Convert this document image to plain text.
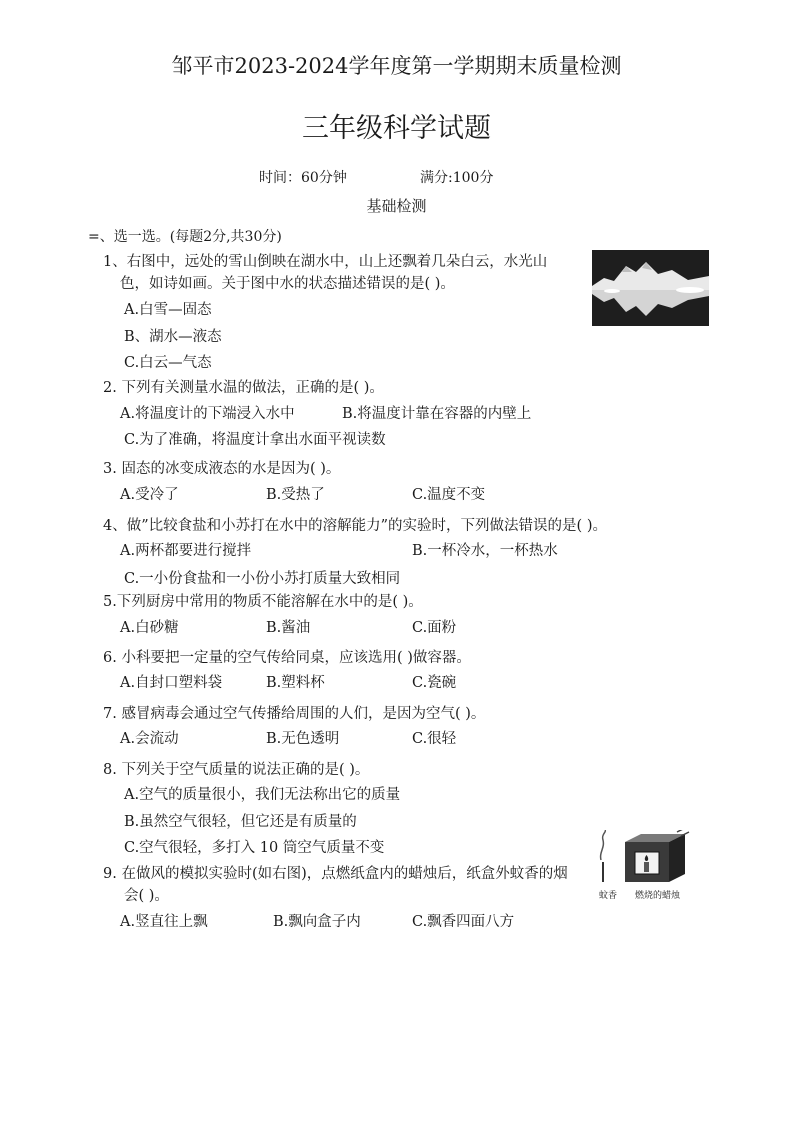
邹平市2023-2024学年度第一学期期末质量检测
三年级科学试题
时间：60分钟	满分:100分
基础检测
=、选一选。(每题2分,共30分)
1、右图中，远处的雪山倒映在湖水中，山上还飘着几朵白云，水光山
色，如诗如画。关于图中水的状态描述错误的是( )。
A.白雪—固态
B、湖水—液态
C.白云—气态
2. 下列有关测量水温的做法，正确的是( )。
A.将温度计的下端浸入水中	B.将温度计靠在容器的内壁上
C.为了准确，将温度计拿出水面平视读数
3. 固态的冰变成液态的水是因为( )。
A.受冷了	B.受热了	C.温度不变
4、做”比较食盐和小苏打在水中的溶解能力”的实验时，下列做法错误的是( )。
A.两杯都要进行搅拌	B.一杯冷水，一杯热水
C.一小份食盐和一小份小苏打质量大致相同
5.下列厨房中常用的物质不能溶解在水中的是( )。
A.白砂糖	B.酱油	C.面粉
6. 小科要把一定量的空气传给同桌，应该选用( )做容器。
A.自封口塑料袋	B.塑料杯	C.瓷碗
7. 感冒病毒会通过空气传播给周围的人们，是因为空气( )。
A.会流动	B.无色透明	C.很轻
8. 下列关于空气质量的说法正确的是( )。
A.空气的质量很小，我们无法称出它的质量
B.虽然空气很轻，但它还是有质量的
C.空气很轻，多打入 10 筒空气质量不变
9. 在做风的模拟实验时(如右图)，点燃纸盒内的蜡烛后，纸盒外蚊香的烟
会( )。
A.竖直往上飘	B.飘向盒子内	C.飘香四面八方
蚊香 燃烧的蜡烛
